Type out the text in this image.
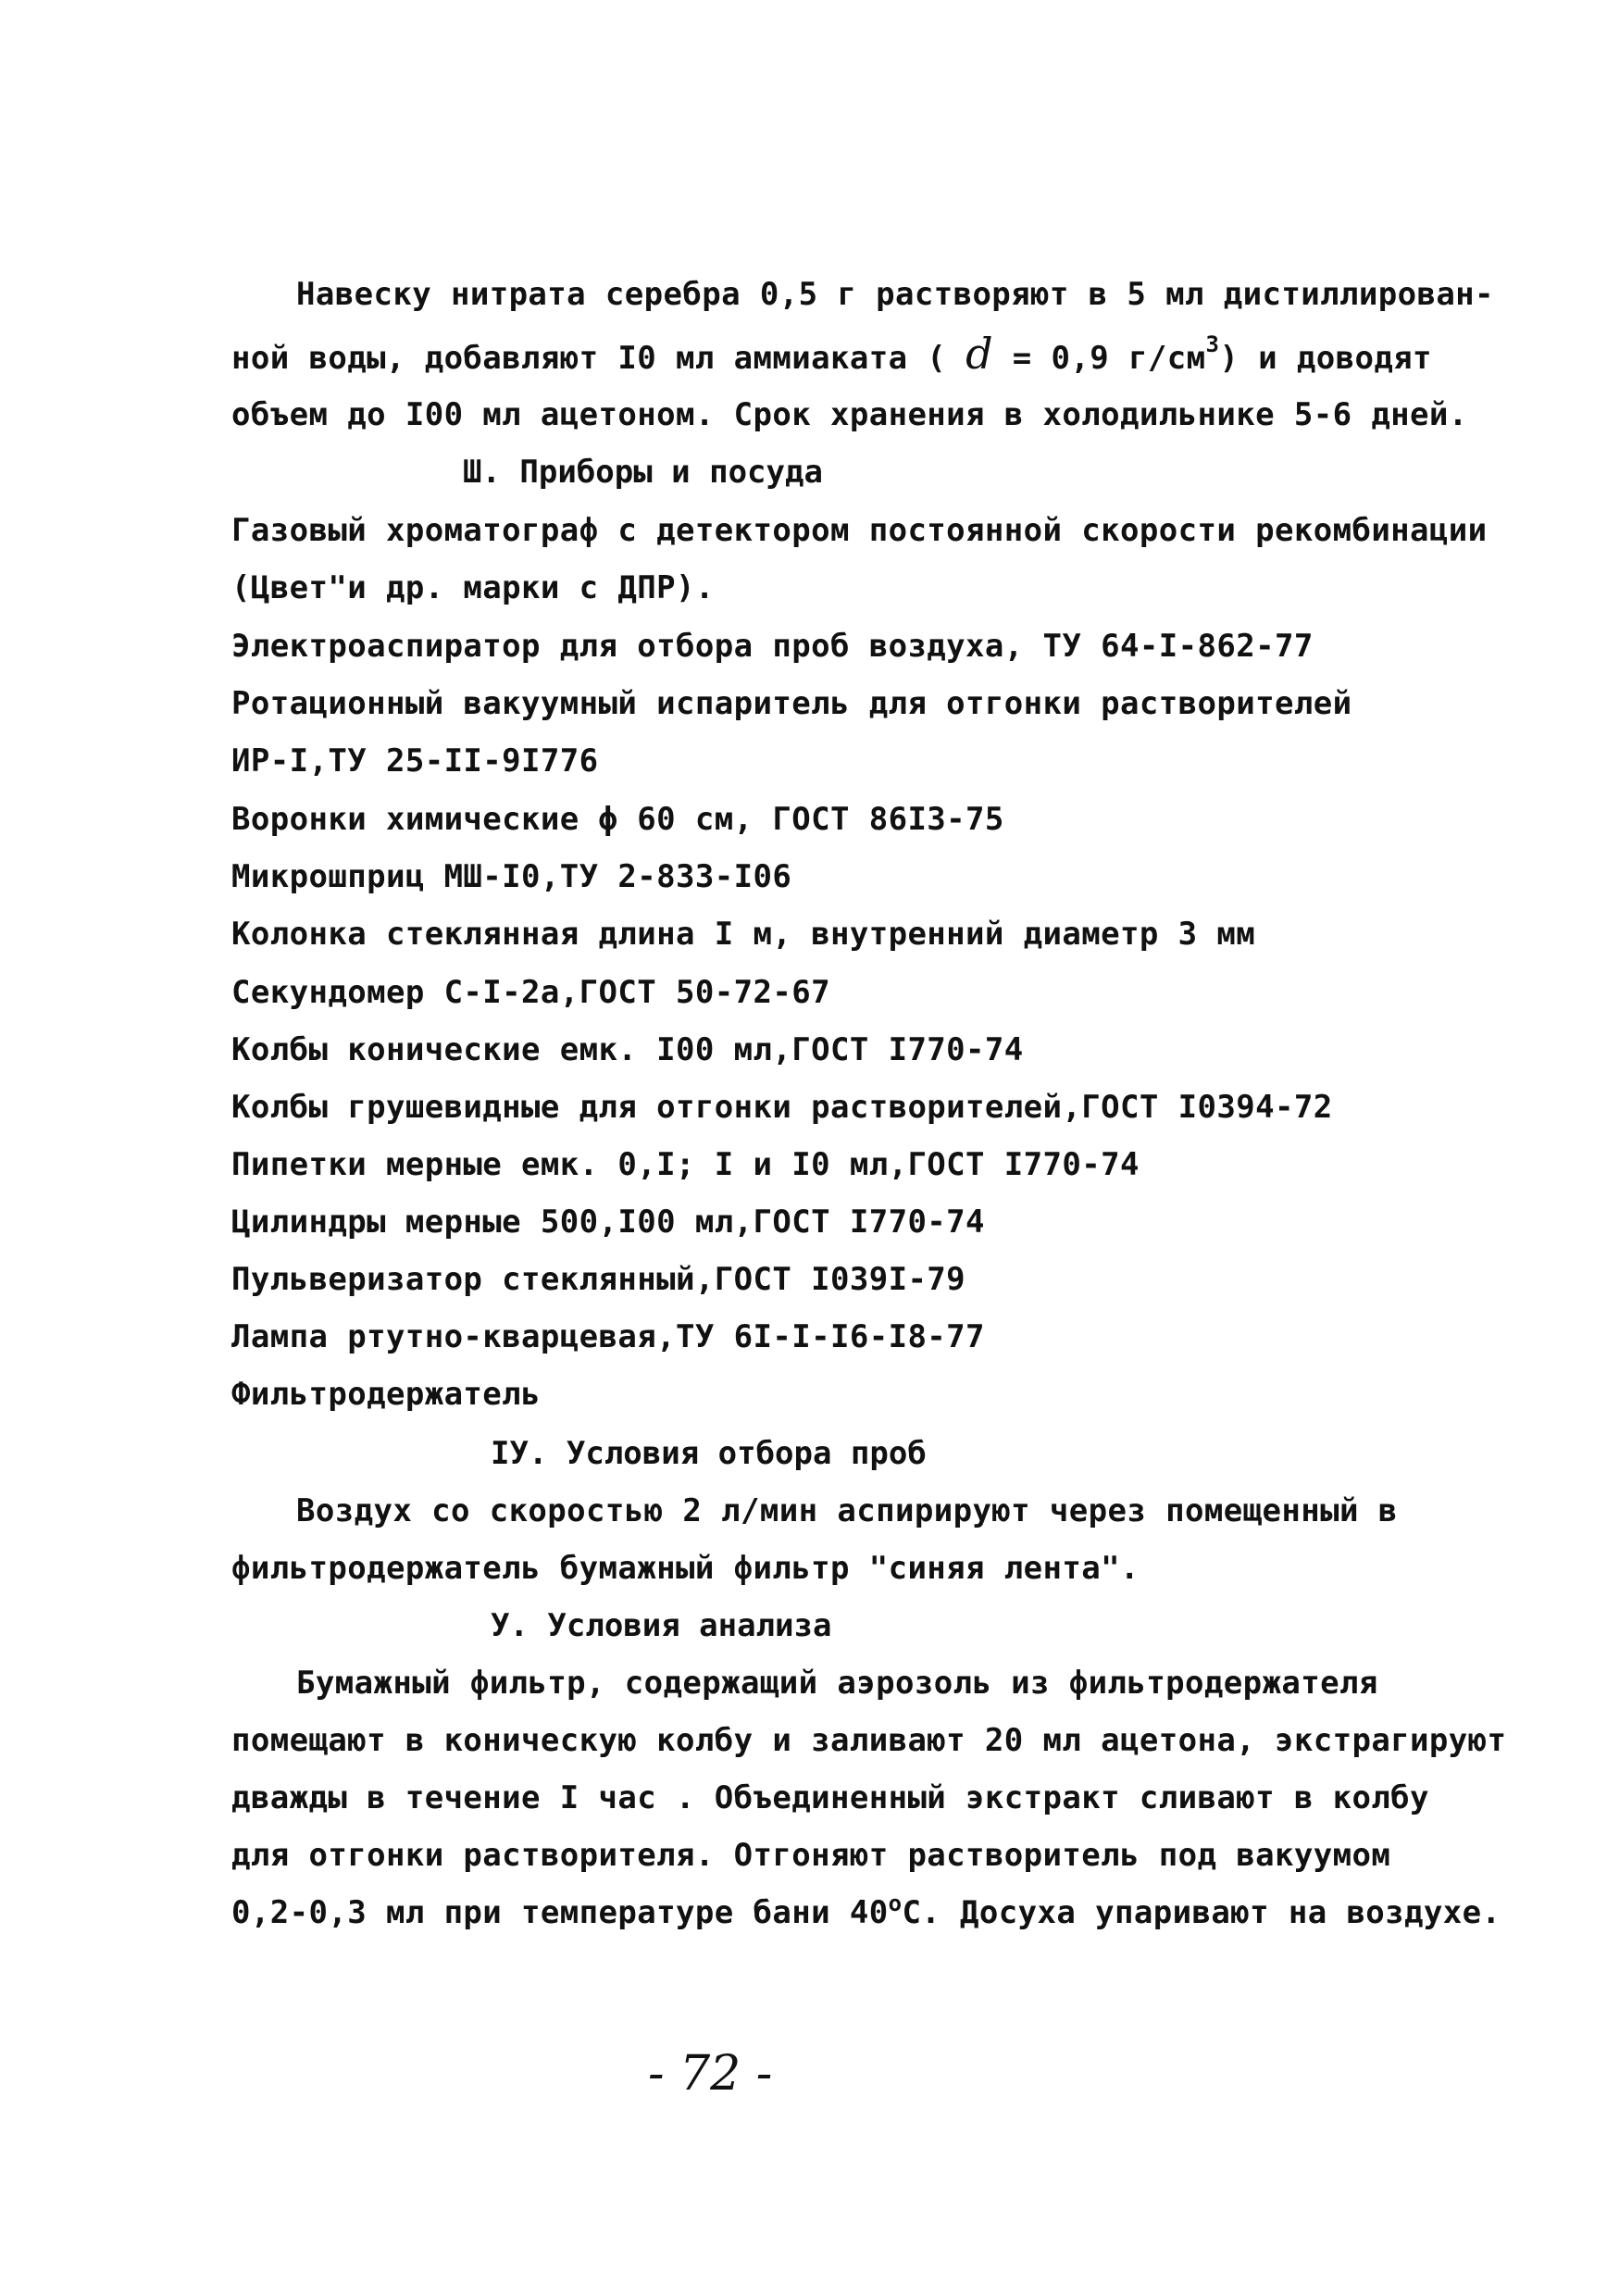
Навеску нитрата серебра 0,5 г растворяют в 5 мл дистиллирован-
ной воды, добавляют I0 мл аммиаката ( d = 0,9 $г/см^3$) и доводят
объем до I00 мл ацетоном. Срок хранения в холодильнике 5-6 дней.
Ш. Приборы и посуда
Газовый хроматограф с детектором постоянной скорости рекомбинации
(Цвет"и др. марки с ДПР).
Электроаспиратор для отбора проб воздуха, ТУ 64-I-862-77
Ротационный вакуумный испаритель для отгонки растворителей
ИР-I,ТУ 25-II-9I776
Воронки химические ϕ 60 см, ГОСТ 86I3-75
Микрошприц МШ-I0,ТУ 2-833-I06
Колонка стеклянная длина I м, внутренний диаметр 3 мм
Секундомер С-I-2а,ГОСТ 50-72-67
Колбы конические емк. I00 мл,ГОСТ I770-74
Колбы грушевидные для отгонки растворителей,ГОСТ I0394-72
Пипетки мерные емк. 0,I; I и I0 мл,ГОСТ I770-74
Цилиндры мерные 500,I00 мл,ГОСТ I770-74
Пульверизатор стеклянный,ГОСТ I039I-79
Лампа ртутно-кварцевая,ТУ 6I-I-I6-I8-77
Фильтродержатель
IУ. Условия отбора проб
Воздух со скоростью 2 л/мин аспирируют через помещенный в
фильтродержатель бумажный фильтр "синяя лента".
У. Условия анализа
Бумажный фильтр, содержащий аэрозоль из фильтродержателя
помещают в коническую колбу и заливают 20 мл ацетона, экстрагируют
дважды в течение I час . Объединенный экстракт сливают в колбу
для отгонки растворителя. Отгоняют растворитель под вакуумом
0,2-0,3 мл при температуре бани $40^оС$. Досуха упаривают на воздухе.
- 72 -
